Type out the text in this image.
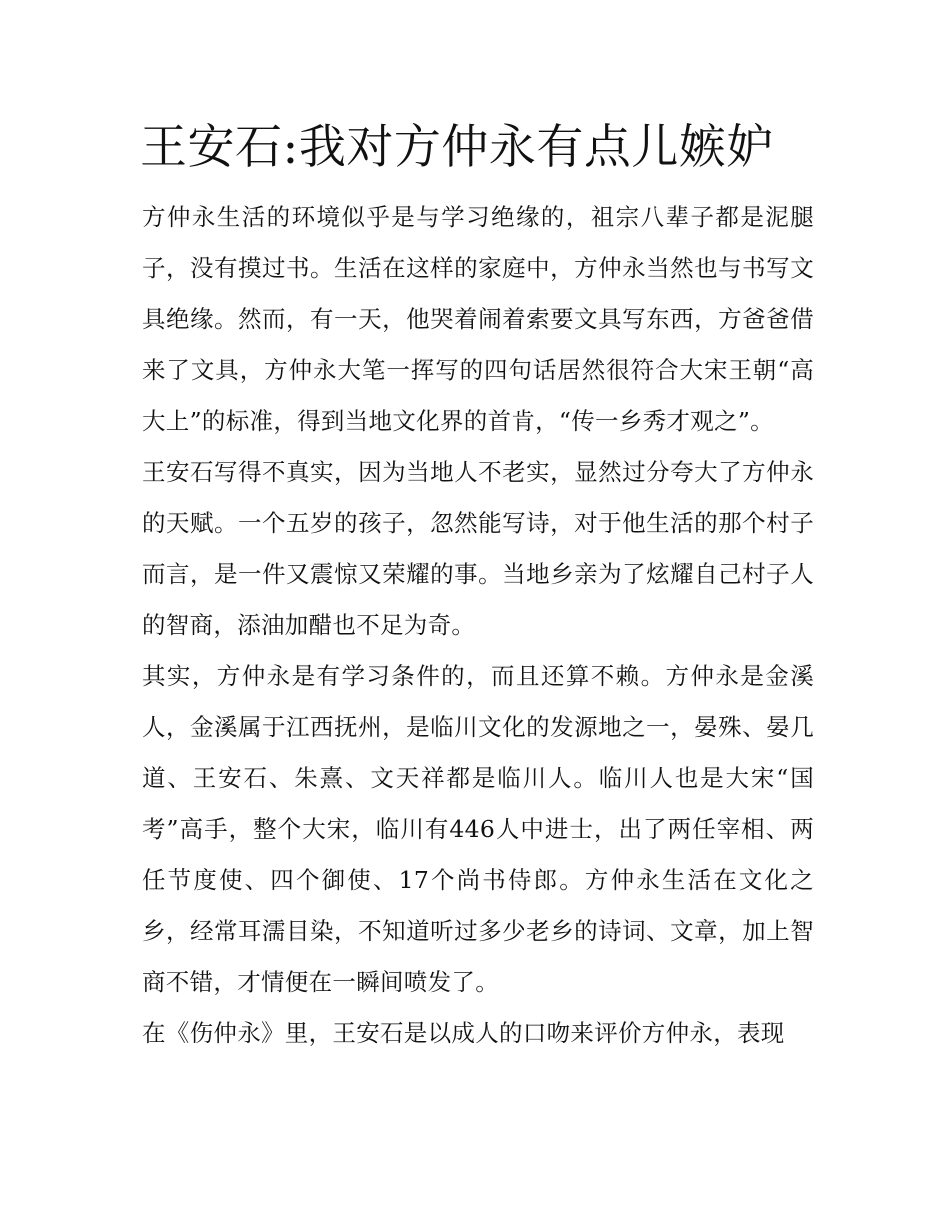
王安石:我对方仲永有点儿嫉妒

方仲永生活的环境似乎是与学习绝缘的，祖宗八辈子都是泥腿子，没有摸过书。生活在这样的家庭中，方仲永当然也与书写文具绝缘。然而，有一天，他哭着闹着索要文具写东西，方爸爸借来了文具，方仲永大笔一挥写的四句话居然很符合大宋王朝“高大上”的标准，得到当地文化界的首肯，“传一乡秀才观之”。

王安石写得不真实，因为当地人不老实，显然过分夸大了方仲永的天赋。一个五岁的孩子，忽然能写诗，对于他生活的那个村子而言，是一件又震惊又荣耀的事。当地乡亲为了炫耀自己村子人的智商，添油加醋也不足为奇。

其实，方仲永是有学习条件的，而且还算不赖。方仲永是金溪人，金溪属于江西抚州，是临川文化的发源地之一，晏殊、晏几道、王安石、朱熹、文天祥都是临川人。临川人也是大宋“国考”高手，整个大宋，临川有446人中进士，出了两任宰相、两任节度使、四个御使、17个尚书侍郎。方仲永生活在文化之乡，经常耳濡目染，不知道听过多少老乡的诗词、文章，加上智商不错，才情便在一瞬间喷发了。

在《伤仲永》里，王安石是以成人的口吻来评价方仲永，表现
